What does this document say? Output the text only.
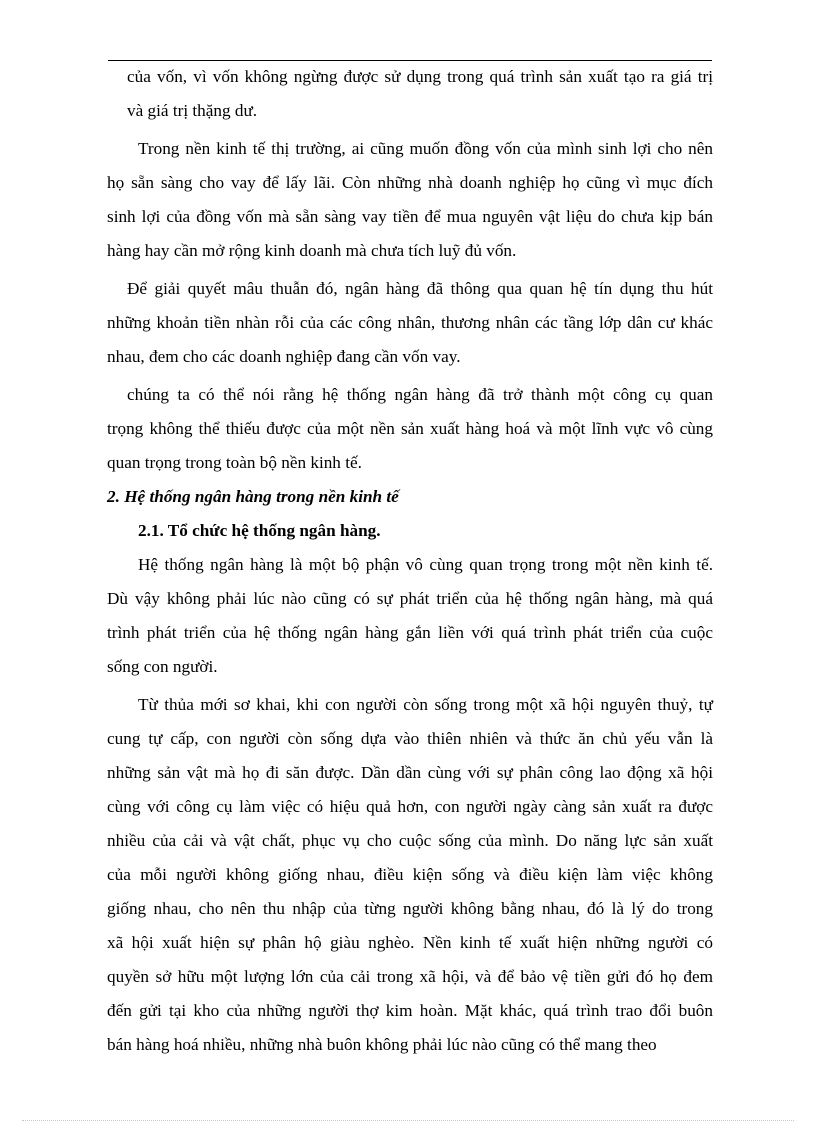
của vốn, vì vốn không ngừng được sử dụng trong quá trình sản xuất tạo ra giá trị
và giá trị thặng dư.
Trong nền kinh tế thị trường, ai cũng muốn đồng vốn của mình sinh lợi cho nên
họ sẵn sàng cho vay để lấy lãi. Còn những nhà doanh nghiệp họ cũng vì mục đích
sinh lợi của đồng vốn mà sẵn sàng vay tiền để mua nguyên vật liệu do chưa kịp bán
hàng hay cần mở rộng kinh doanh mà chưa tích luỹ đủ vốn.
Để giải quyết mâu thuẫn đó, ngân hàng đã thông qua quan hệ tín dụng thu hút
những khoản tiền nhàn rỗi của các công nhân, thương nhân các tầng lớp dân cư khác
nhau, đem cho các doanh nghiệp đang cần vốn vay.
chúng ta có thể nói rằng hệ thống ngân hàng đã trở thành một công cụ quan
trọng không thể thiếu được của một nền sản xuất hàng hoá và một lĩnh vực vô cùng
quan trọng trong toàn bộ nền kinh tế.
2. Hệ thống ngân hàng trong nền kinh tế
2.1. Tổ chức hệ thống ngân hàng.
Hệ thống ngân hàng là một bộ phận vô cùng quan trọng trong một nền kinh tế.
Dù vậy không phải lúc nào cũng có sự phát triển của hệ thống ngân hàng, mà quá
trình phát triển của hệ thống ngân hàng gắn liền với quá trình phát triển của cuộc
sống con người.
Từ thủa mới sơ khai, khi con người còn sống trong một xã hội nguyên thuỷ, tự
cung tự cấp, con người còn sống dựa vào thiên nhiên và thức ăn chủ yếu vẫn là
những sản vật mà họ đi săn được. Dần dần cùng với sự phân công lao động xã hội
cùng với công cụ làm việc có hiệu quả hơn, con người ngày càng sản xuất ra được
nhiều của cải và vật chất, phục vụ cho cuộc sống của mình. Do năng lực sản xuất
của mỗi người không giống nhau, điều kiện sống và điều kiện làm việc không
giống nhau, cho nên thu nhập của từng người không bằng nhau, đó là lý do trong
xã hội xuất hiện sự phân hộ giàu nghèo. Nền kinh tế xuất hiện những người có
quyền sở hữu một lượng lớn của cải trong xã hội, và để bảo vệ tiền gửi đó họ đem
đến gửi tại kho của những người thợ kim hoàn. Mặt khác, quá trình trao đổi buôn
bán hàng hoá nhiều, những nhà buôn không phải lúc nào cũng có thể mang theo
